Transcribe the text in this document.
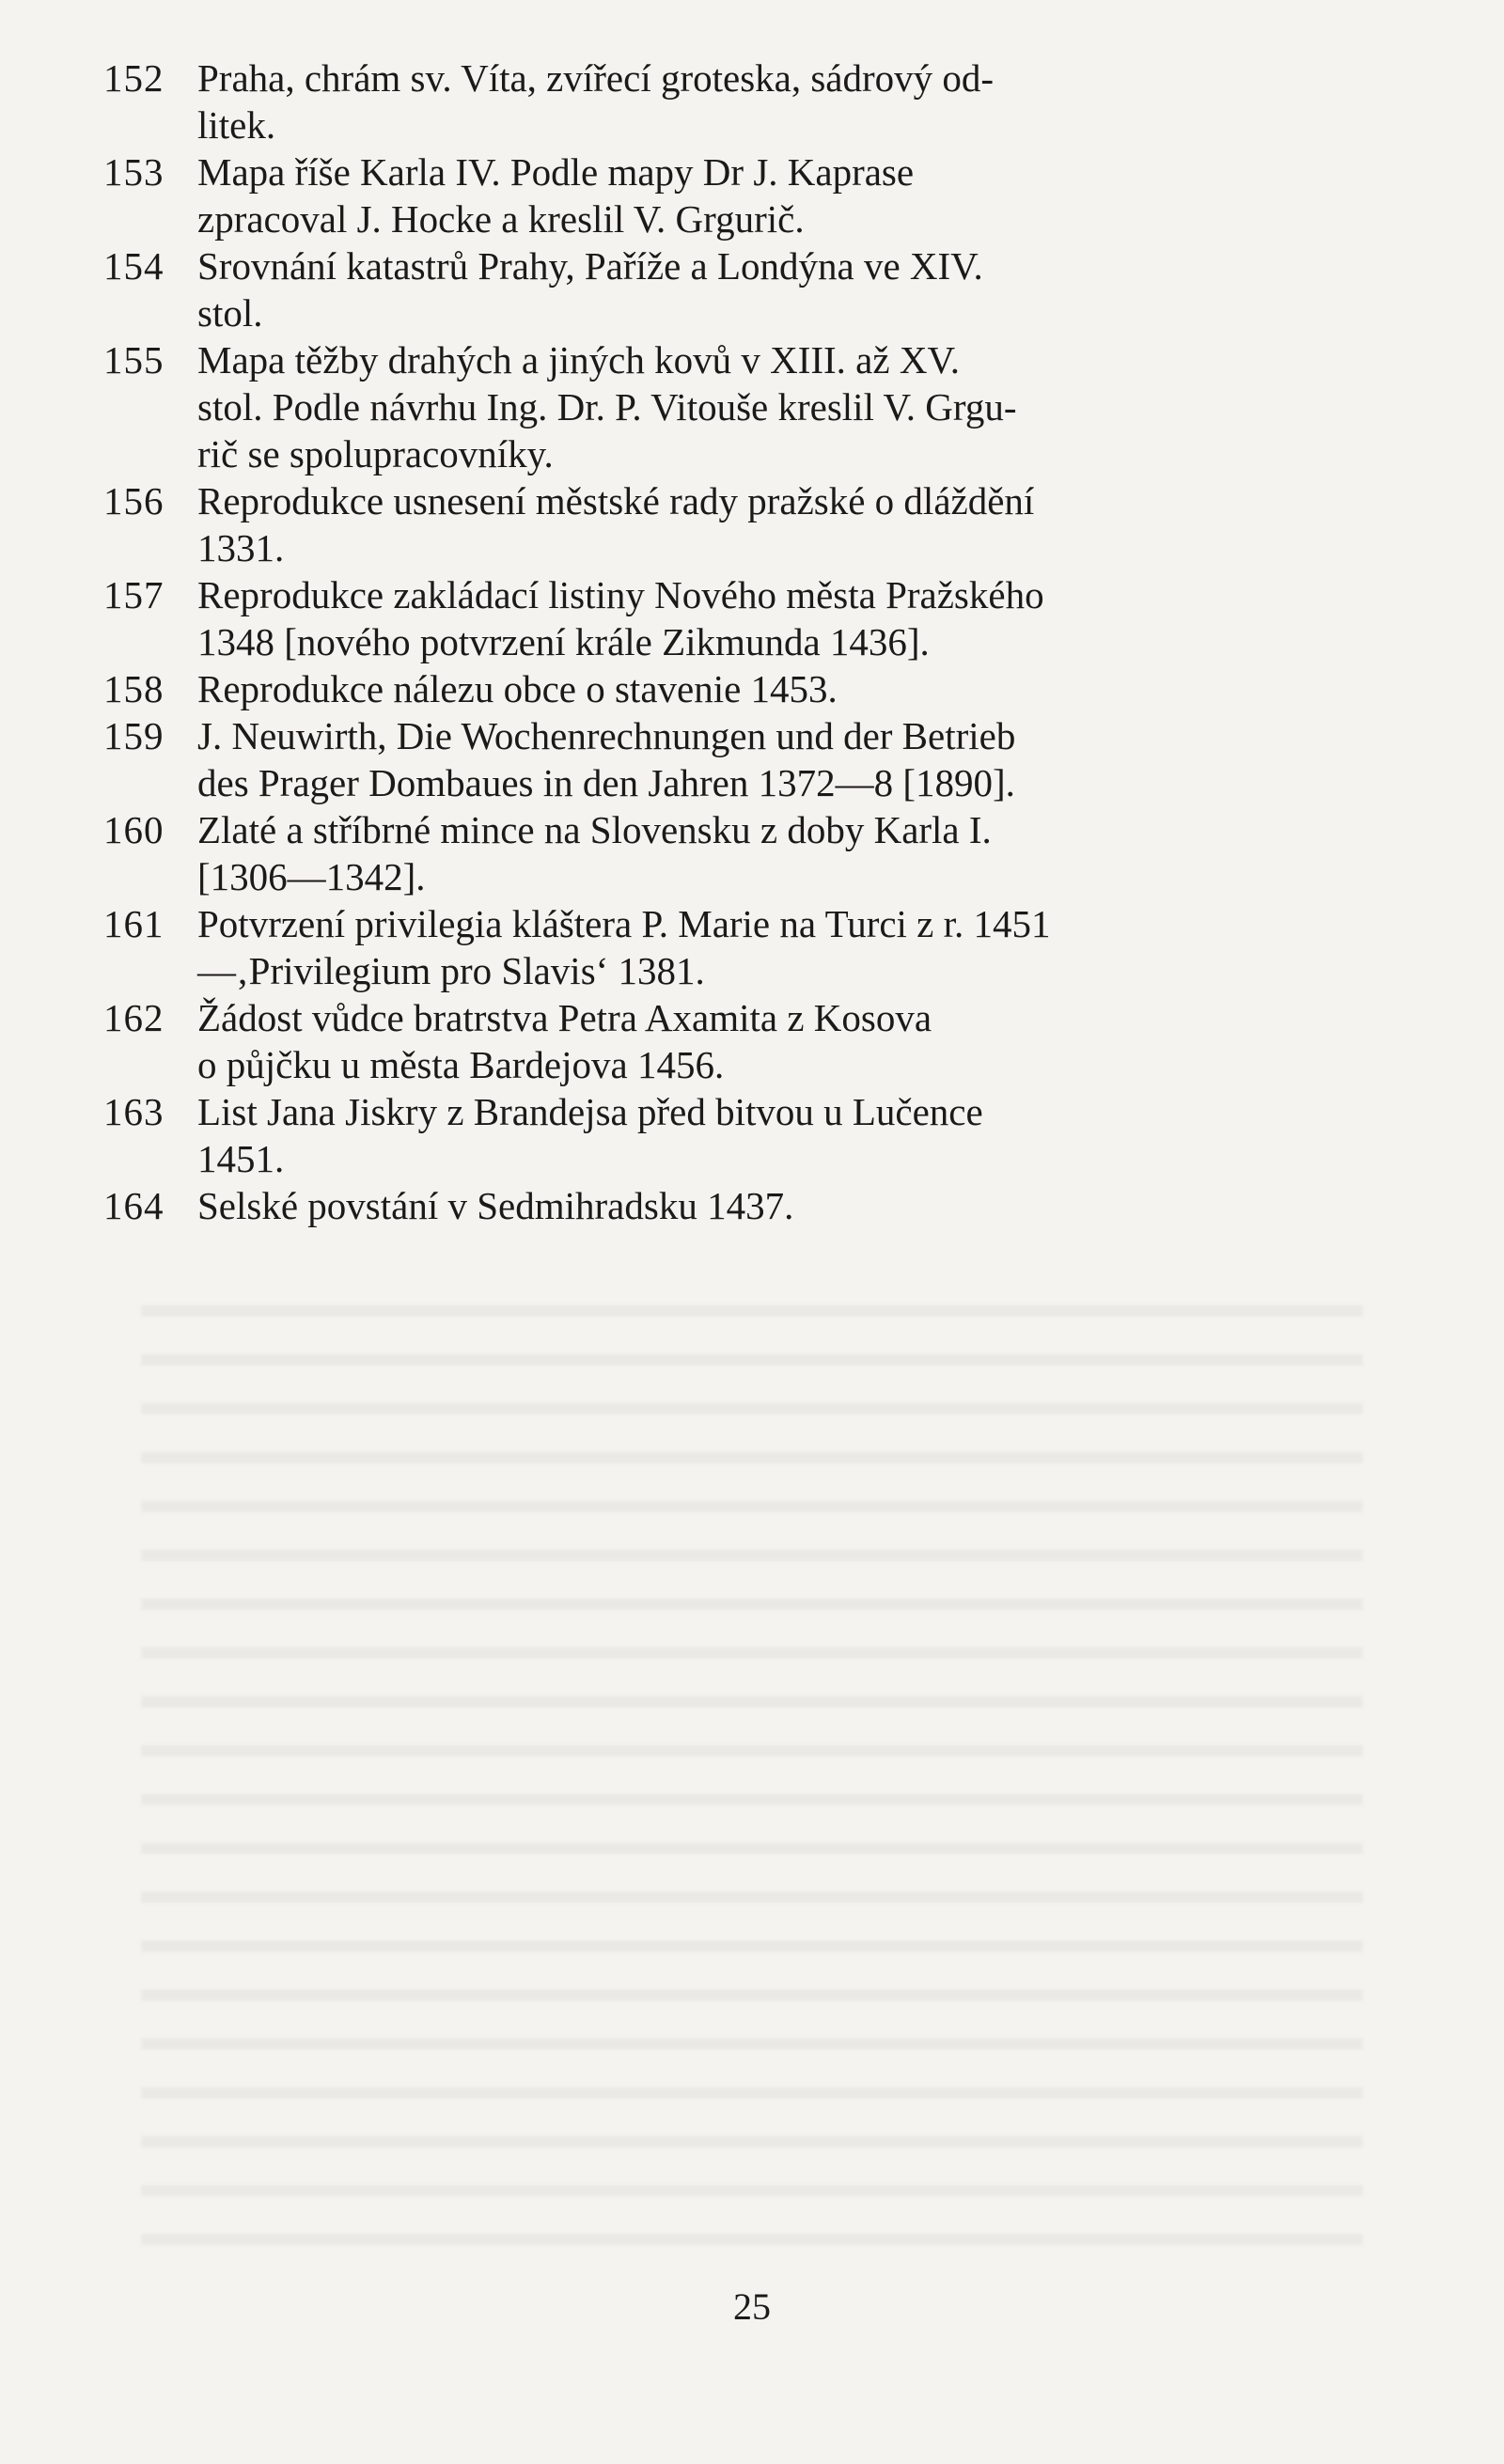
152 Praha, chrám sv. Víta, zvířecí groteska, sádrový od-
litek.
153 Mapa říše Karla IV. Podle mapy Dr J. Kaprase
zpracoval J. Hocke a kreslil V. Grgurič.
154 Srovnání katastrů Prahy, Paříže a Londýna ve XIV.
stol.
155 Mapa těžby drahých a jiných kovů v XIII. až XV.
stol. Podle návrhu Ing. Dr. P. Vitouše kreslil V. Grgu-
rič se spolupracovníky.
156 Reprodukce usnesení městské rady pražské o dláždění
1331.
157 Reprodukce zakládací listiny Nového města Pražského
1348 [nového potvrzení krále Zikmunda 1436].
158 Reprodukce nálezu obce o stavenie 1453.
159 J. Neuwirth, Die Wochenrechnungen und der Betrieb
des Prager Dombaues in den Jahren 1372—8 [1890].
160 Zlaté a stříbrné mince na Slovensku z doby Karla I.
[1306—1342].
161 Potvrzení privilegia kláštera P. Marie na Turci z r. 1451
—‚Privilegium pro Slavis‘ 1381.
162 Žádost vůdce bratrstva Petra Axamita z Kosova
o půjčku u města Bardejova 1456.
163 List Jana Jiskry z Brandejsa před bitvou u Lučence
1451.
164 Selské povstání v Sedmihradsku 1437.
25
